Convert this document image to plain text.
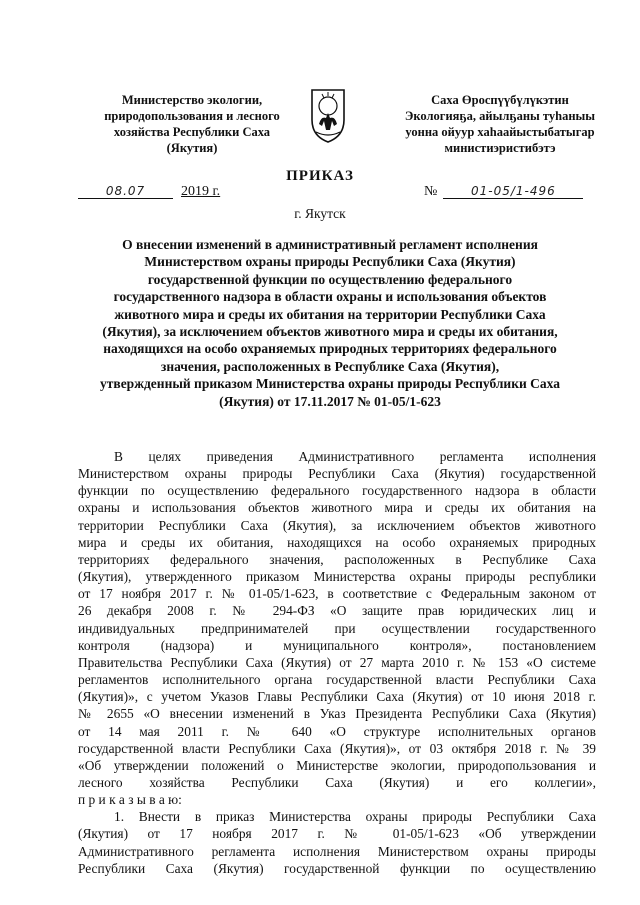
Министерство экологии,
природопользования и лесного
хозяйства Республики Саха
(Якутия)
Саха Өроспүүбүлүкэтин
Экологияҕа, айылҕаны туһаныы
уонна ойуур хаһаайыстыбатыгар
министиэристибэтэ
ПРИКАЗ
08.07	2019 г.	№	01-05/1-496
г. Якутск
О внесении изменений в административный регламент исполнения
Министерством охраны природы Республики Саха (Якутия)
государственной функции по осуществлению федерального
государственного надзора в области охраны и использования объектов
животного мира и среды их обитания на территории Республики Саха
(Якутия), за исключением объектов животного мира и среды их обитания,
находящихся на особо охраняемых природных территориях федерального
значения, расположенных в Республике Саха (Якутия),
утвержденный приказом Министерства охраны природы Республики Саха
(Якутия) от 17.11.2017 № 01-05/1-623
В целях приведения Административного регламента исполнения
Министерством охраны природы Республики Саха (Якутия) государственной
функции по осуществлению федерального государственного надзора в области
охраны и использования объектов животного мира и среды их обитания на
территории Республики Саха (Якутия), за исключением объектов животного
мира и среды их обитания, находящихся на особо охраняемых природных
территориях федерального значения, расположенных в Республике Саха
(Якутия), утвержденного приказом Министерства охраны природы республики
от 17 ноября 2017 г. № 01-05/1-623, в соответствие с Федеральным законом от
26 декабря 2008 г. № 294-ФЗ «О защите прав юридических лиц и
индивидуальных предпринимателей при осуществлении государственного
контроля (надзора) и муниципального контроля», постановлением
Правительства Республики Саха (Якутия) от 27 марта 2010 г. № 153 «О системе
регламентов исполнительного органа государственной власти Республики Саха
(Якутия)», с учетом Указов Главы Республики Саха (Якутия) от 10 июня 2018 г.
№ 2655 «О внесении изменений в Указ Президента Республики Саха (Якутия)
от 14 мая 2011 г. № 640 «О структуре исполнительных органов
государственной власти Республики Саха (Якутия)», от 03 октября 2018 г. № 39
«Об утверждении положений о Министерстве экологии, природопользования и
лесного хозяйства Республики Саха (Якутия) и его коллегии»,
п р и к а з ы в а ю:
1. Внести в приказ Министерства охраны природы Республики Саха
(Якутия) от 17 ноября 2017 г. № 01-05/1-623 «Об утверждении
Административного регламента исполнения Министерством охраны природы
Республики Саха (Якутия) государственной функции по осуществлению
